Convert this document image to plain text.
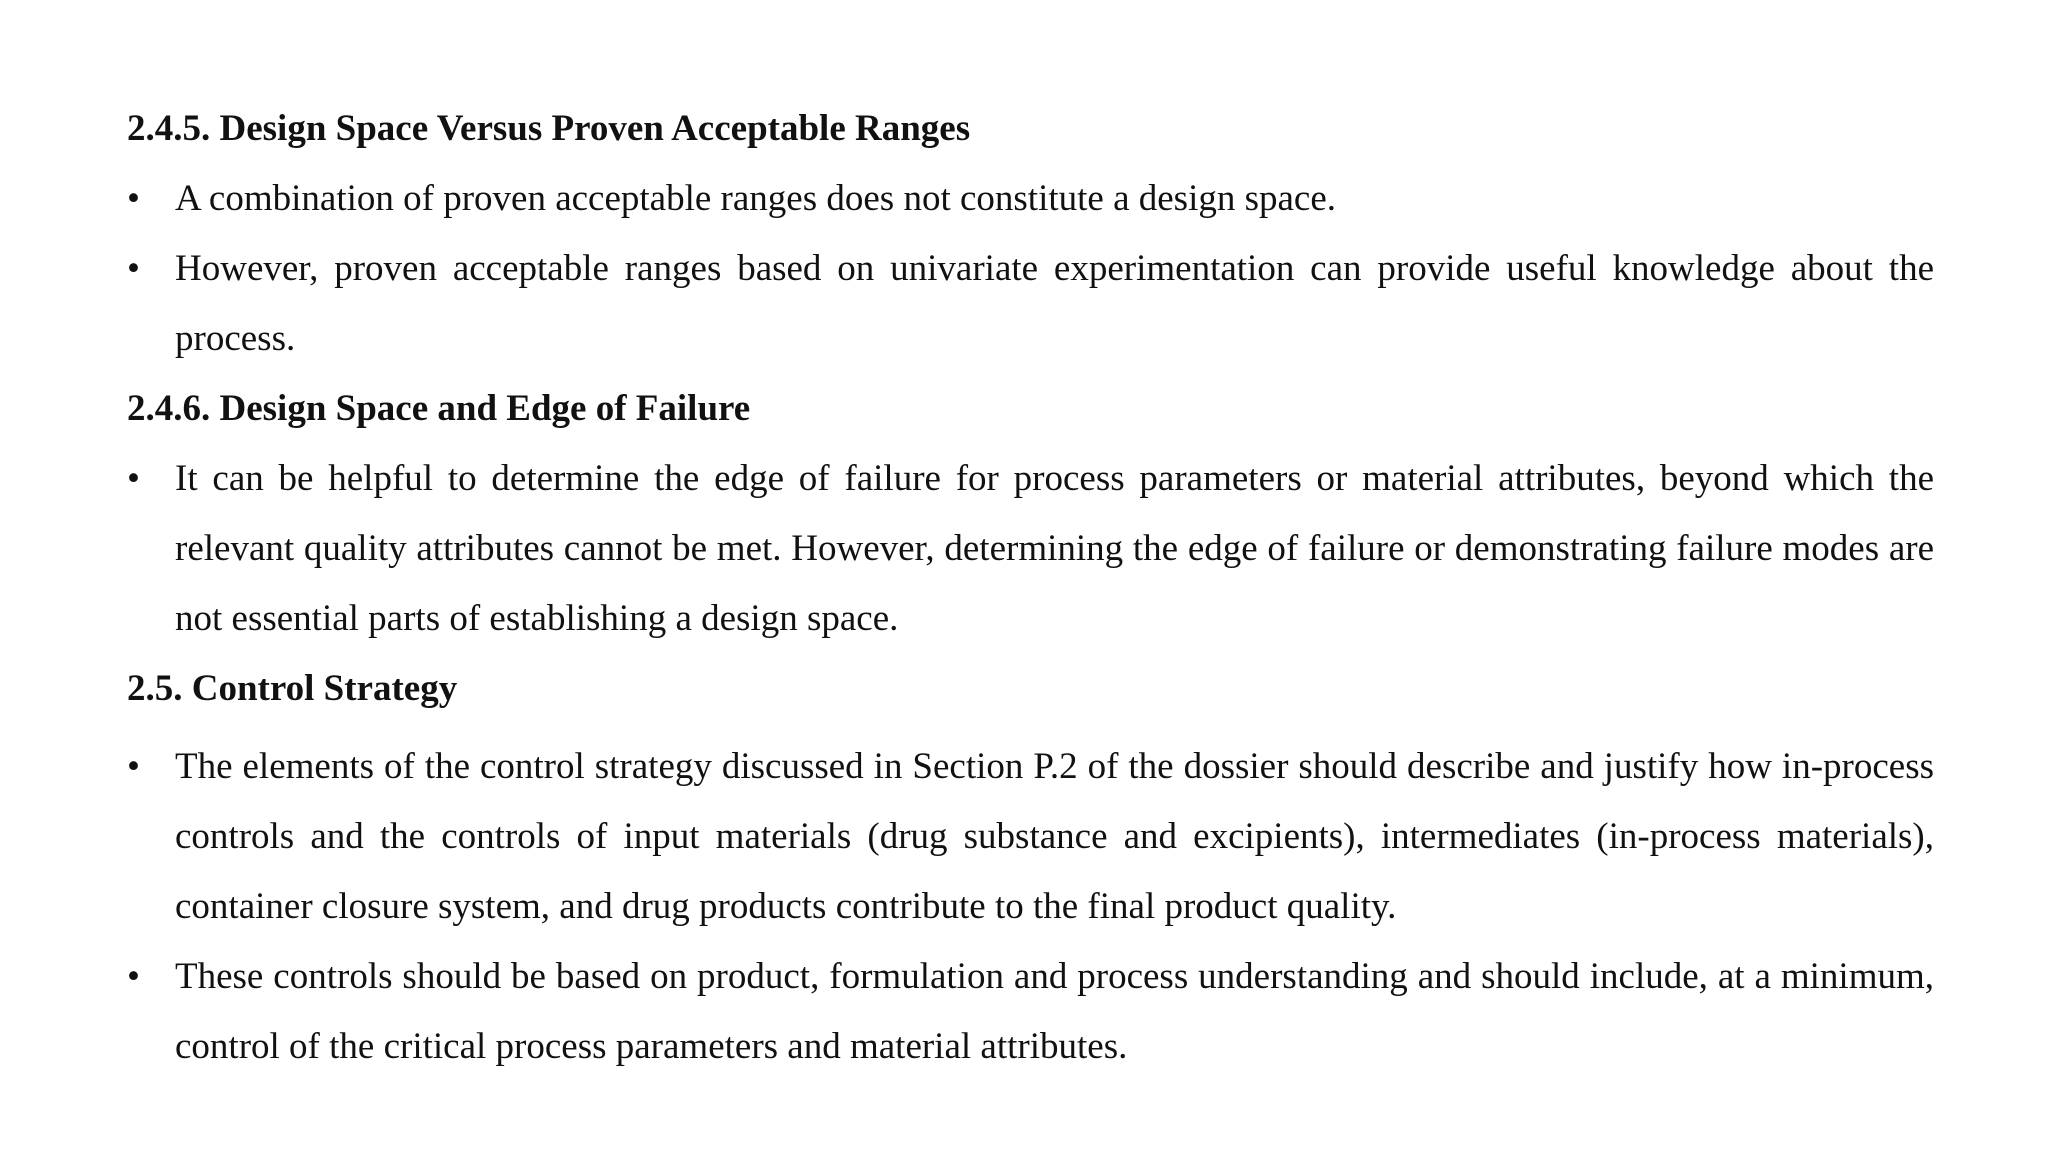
2.4.5. Design Space Versus Proven Acceptable Ranges
• A combination of proven acceptable ranges does not constitute a design space.
• However, proven acceptable ranges based on univariate experimentation can provide useful knowledge about the process.
2.4.6. Design Space and Edge of Failure
• It can be helpful to determine the edge of failure for process parameters or material attributes, beyond which the relevant quality attributes cannot be met. However, determining the edge of failure or demonstrating failure modes are not essential parts of establishing a design space.
2.5. Control Strategy
• The elements of the control strategy discussed in Section P.2 of the dossier should describe and justify how in-process controls and the controls of input materials (drug substance and excipients), intermediates (in-process materials), container closure system, and drug products contribute to the final product quality.
• These controls should be based on product, formulation and process understanding and should include, at a minimum, control of the critical process parameters and material attributes.
